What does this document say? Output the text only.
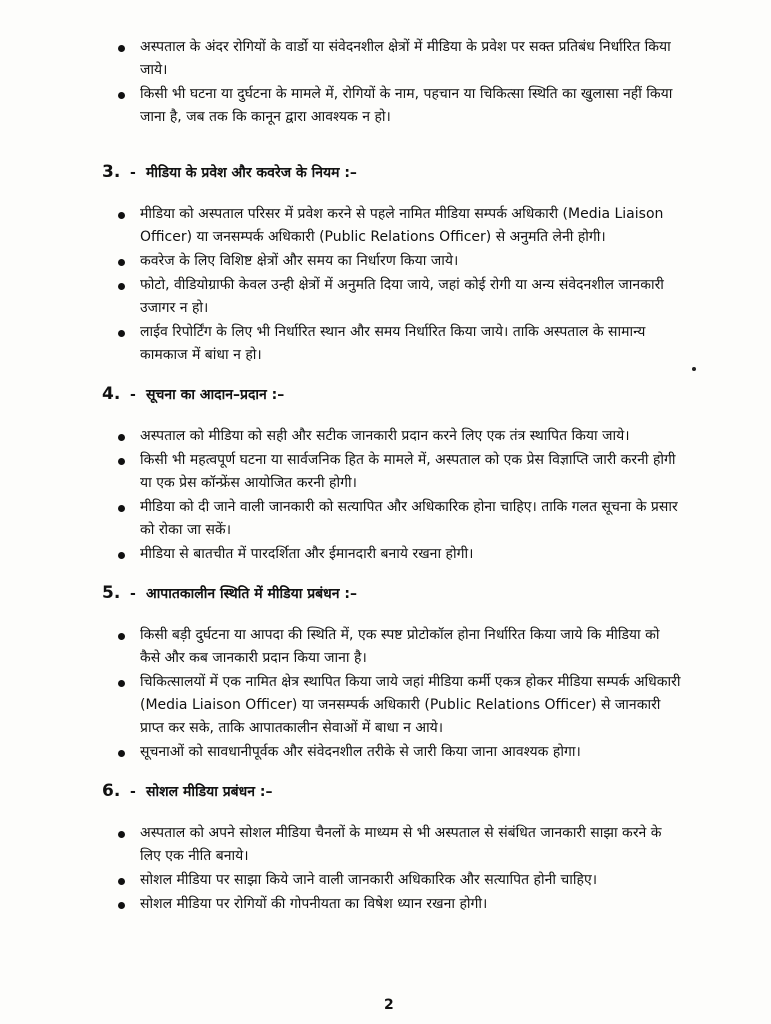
अस्पताल के अंदर रोगियों के वार्डो या संवेदनशील क्षेत्रों में मीडिया के प्रवेश पर सक्त प्रतिबंध निर्धारित किया जाये।
किसी भी घटना या दुर्घटना के मामले में, रोगियों के नाम, पहचान या चिकित्सा स्थिति का खुलासा नहीं किया जाना है, जब तक कि कानून द्वारा आवश्यक न हो।
3. - मीडिया के प्रवेश और कवरेज के नियम :–
मीडिया को अस्पताल परिसर में प्रवेश करने से पहले नामित मीडिया सम्पर्क अधिकारी (Media Liaison Officer) या जनसम्पर्क अधिकारी (Public Relations Officer) से अनुमति लेनी होगी।
कवरेज के लिए विशिष्ट क्षेत्रों और समय का निर्धारण किया जाये।
फोटो, वीडियोग्राफी केवल उन्ही क्षेत्रों में अनुमति दिया जाये, जहां कोई रोगी या अन्य संवेदनशील जानकारी उजागर न हो।
लाईव रिपोर्टिंग के लिए भी निर्धारित स्थान और समय निर्धारित किया जाये। ताकि अस्पताल के सामान्य कामकाज में बांधा न हो।
4. - सूचना का आदान–प्रदान :–
अस्पताल को मीडिया को सही और सटीक जानकारी प्रदान करने लिए एक तंत्र स्थापित किया जाये।
किसी भी महत्वपूर्ण घटना या सार्वजनिक हित के मामले में, अस्पताल को एक प्रेस विज्ञाप्ति जारी करनी होगी या एक प्रेस कॉन्फ्रेंस आयोजित करनी होगी।
मीडिया को दी जाने वाली जानकारी को सत्यापित और अधिकारिक होना चाहिए। ताकि गलत सूचना के प्रसार को रोका जा सकें।
मीडिया से बातचीत में पारदर्शिता और ईमानदारी बनाये रखना होगी।
5. - आपातकालीन स्थिति में मीडिया प्रबंधन :–
किसी बड़ी दुर्घटना या आपदा की स्थिति में, एक स्पष्ट प्रोटोकॉल होना निर्धारित किया जाये कि मीडिया को कैसे और कब जानकारी प्रदान किया जाना है।
चिकित्सालयों में एक नामित क्षेत्र स्थापित किया जाये जहां मीडिया कर्मी एकत्र होकर मीडिया सम्पर्क अधिकारी (Media Liaison Officer) या जनसम्पर्क अधिकारी (Public Relations Officer) से जानकारी प्राप्त कर सके, ताकि आपातकालीन सेवाओं में बाधा न आये।
सूचनाओं को सावधानीपूर्वक और संवेदनशील तरीके से जारी किया जाना आवश्यक होगा।
6. - सोशल मीडिया प्रबंधन :–
अस्पताल को अपने सोशल मीडिया चैनलों के माध्यम से भी अस्पताल से संबंधित जानकारी साझा करने के लिए एक नीति बनाये।
सोशल मीडिया पर साझा किये जाने वाली जानकारी अधिकारिक और सत्यापित होनी चाहिए।
सोशल मीडिया पर रोगियों की गोपनीयता का विषेश ध्यान रखना होगी।
2
